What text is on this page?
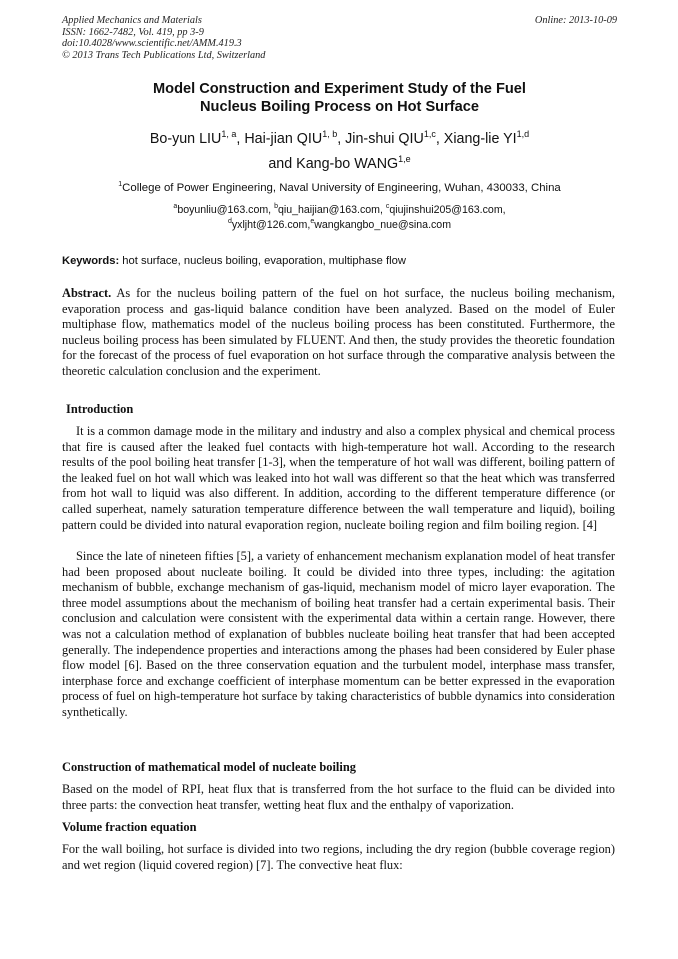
Applied Mechanics and Materials
ISSN: 1662-7482, Vol. 419, pp 3-9
doi:10.4028/www.scientific.net/AMM.419.3
© 2013 Trans Tech Publications Ltd, Switzerland
Online: 2013-10-09
Model Construction and Experiment Study of the Fuel
Nucleus Boiling Process on Hot Surface
Bo-yun LIU$^{1, a}$, Hai-jian QIU$^{1, b}$, Jin-shui QIU$^{1,c}$, Xiang-lie YI$^{1,d}$
and Kang-bo WANG$^{1,e}$
$^1$College of Power Engineering, Naval University of Engineering, Wuhan, 430033, China
$^a$boyunliu@163.com, $^b$qiu_haijian@163.com, $^c$qiujinshui205@163.com,
$^d$yxljht@126.com,$^e$wangkangbo_nue@sina.com
Keywords: hot surface, nucleus boiling, evaporation, multiphase flow
Abstract. As for the nucleus boiling pattern of the fuel on hot surface, the nucleus boiling mechanism, evaporation process and gas-liquid balance condition have been analyzed. Based on the model of Euler multiphase flow, mathematics model of the nucleus boiling process has been constituted. Furthermore, the nucleus boiling process has been simulated by FLUENT. And then, the study provides the theoretic foundation for the forecast of the process of fuel evaporation on hot surface through the comparative analysis between the theoretic calculation conclusion and the experiment.
Introduction
It is a common damage mode in the military and industry and also a complex physical and chemical process that fire is caused after the leaked fuel contacts with high-temperature hot wall. According to the research results of the pool boiling heat transfer [1-3], when the temperature of hot wall was different, boiling pattern of the leaked fuel on hot wall which was leaked into hot wall was different so that the heat which was transferred from hot wall to liquid was also different. In addition, according to the different temperature difference (or called superheat, namely saturation temperature difference between the wall temperature and liquid), boiling pattern could be divided into natural evaporation region, nucleate boiling region and film boiling region. [4]
Since the late of nineteen fifties [5], a variety of enhancement mechanism explanation model of heat transfer had been proposed about nucleate boiling. It could be divided into three types, including: the agitation mechanism of bubble, exchange mechanism of gas-liquid, mechanism model of micro layer evaporation. The three model assumptions about the mechanism of boiling heat transfer had a certain experimental basis. Their conclusion and calculation were consistent with the experimental data within a certain range. However, there was not a calculation method of explanation of bubbles nucleate boiling heat transfer that had been accepted generally. The independence properties and interactions among the phases had been considered by Euler phase flow model [6]. Based on the three conservation equation and the turbulent model, interphase mass transfer, interphase force and exchange coefficient of interphase momentum can be better expressed in the evaporation process of fuel on high-temperature hot surface by taking characteristics of bubble dynamics into consideration synthetically.
Construction of mathematical model of nucleate boiling
Based on the model of RPI, heat flux that is transferred from the hot surface to the fluid can be divided into three parts: the convection heat transfer, wetting heat flux and the enthalpy of vaporization.
Volume fraction equation
For the wall boiling, hot surface is divided into two regions, including the dry region (bubble coverage region) and wet region (liquid covered region) [7]. The convective heat flux:
